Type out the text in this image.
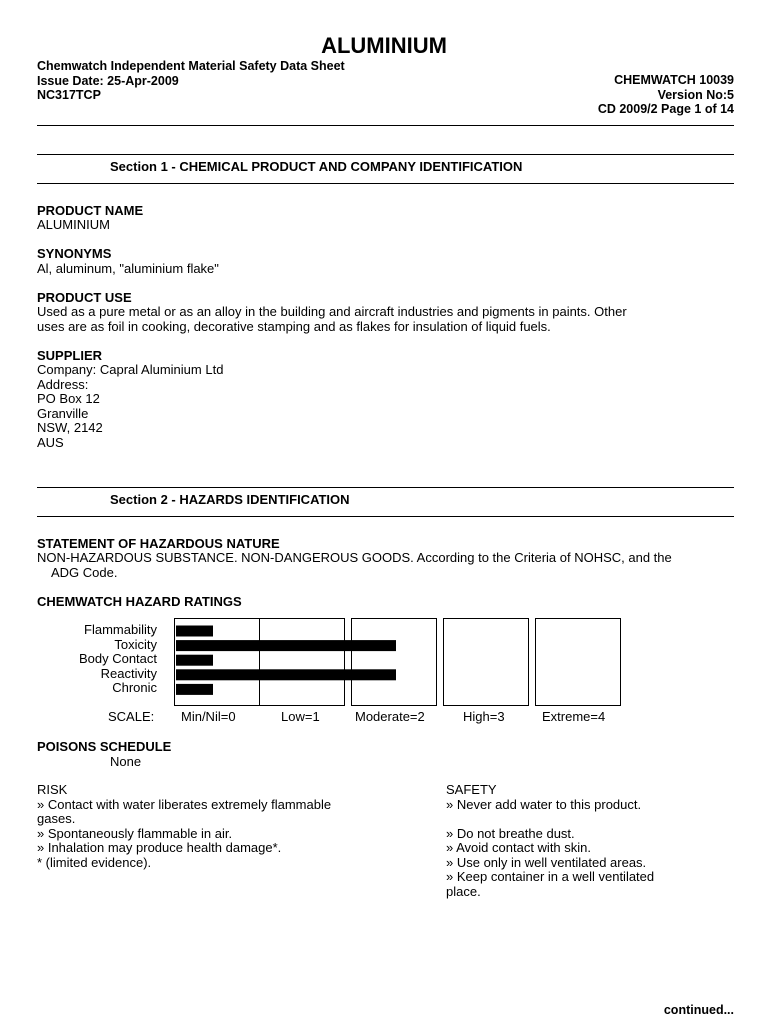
ALUMINIUM
Chemwatch Independent Material Safety Data Sheet
Issue Date: 25-Apr-2009
NC317TCP
CHEMWATCH 10039
Version No:5
CD 2009/2 Page 1 of 14
Section 1 - CHEMICAL PRODUCT AND COMPANY IDENTIFICATION
PRODUCT NAME
ALUMINIUM
SYNONYMS
Al, aluminum, "aluminium flake"
PRODUCT USE
Used as a pure metal or as an alloy in the building and aircraft industries and pigments in paints. Other
uses are as foil in cooking, decorative stamping and as flakes for insulation of liquid fuels.
SUPPLIER
Company: Capral Aluminium Ltd
Address:
PO Box 12
Granville
NSW, 2142
AUS
Section 2 - HAZARDS IDENTIFICATION
STATEMENT OF HAZARDOUS NATURE
NON-HAZARDOUS SUBSTANCE. NON-DANGEROUS GOODS. According to the Criteria of NOHSC, and the
ADG Code.
CHEMWATCH HAZARD RATINGS
Flammability
Toxicity
Body Contact
Reactivity
Chronic
SCALE: Min/Nil=0	Low=1	Moderate=2	High=3	Extreme=4
POISONS SCHEDULE
None
RISK
» Contact with water liberates extremely flammable
gases.
» Spontaneously flammable in air.
» Inhalation may produce health damage*.
* (limited evidence).
SAFETY
» Never add water to this product.
» Do not breathe dust.
» Avoid contact with skin.
» Use only in well ventilated areas.
» Keep container in a well ventilated
place.
continued...
